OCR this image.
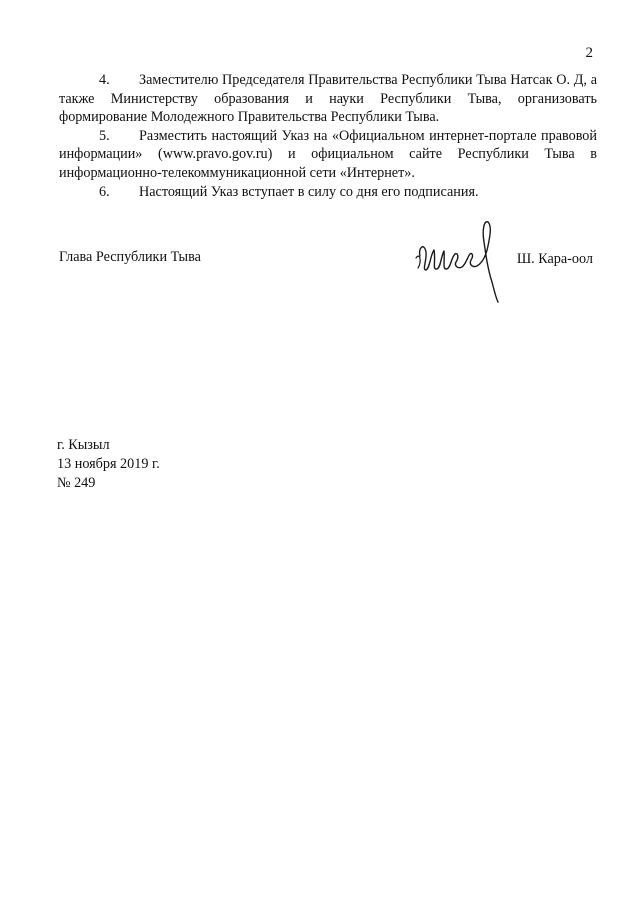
2

4. Заместителю Председателя Правительства Республики Тыва Натсак О. Д, а также Министерству образования и науки Республики Тыва, организовать формирование Молодежного Правительства Республики Тыва.

5. Разместить настоящий Указ на «Официальном интернет-портале правовой информации» (www.pravo.gov.ru) и официальном сайте Республики Тыва в информационно-телекоммуникационной сети «Интернет».

6. Настоящий Указ вступает в силу со дня его подписания.

Глава Республики Тыва	Ш. Кара-оол
г. Кызыл
13 ноября 2019 г.
№ 249
